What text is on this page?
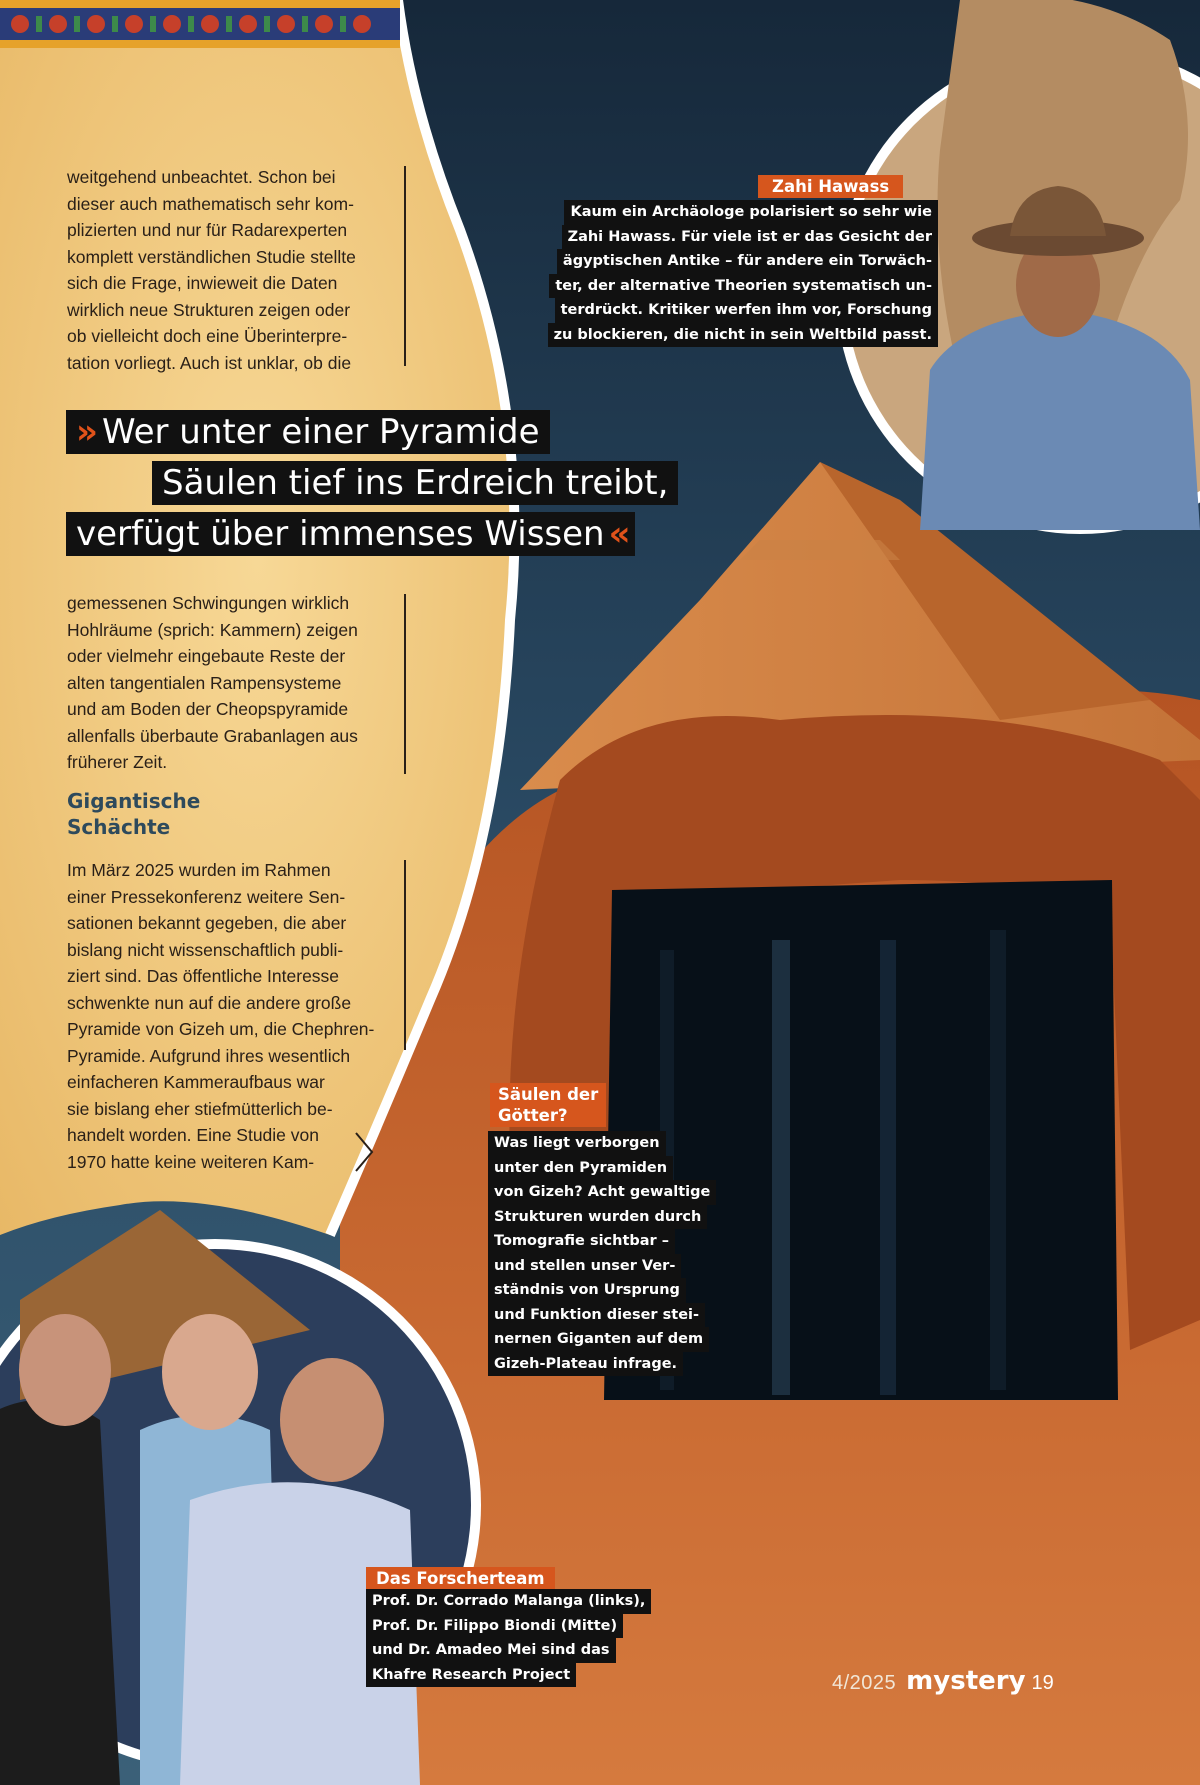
weitgehend unbeachtet. Schon bei
dieser auch mathematisch sehr kom-
plizierten und nur für Radarexperten
komplett verständlichen Studie stellte
sich die Frage, inwieweit die Daten
wirklich neue Strukturen zeigen oder
ob vielleicht doch eine Überinterpre-
tation vorliegt. Auch ist unklar, ob die
» Wer unter einer Pyramide
Säulen tief ins Erdreich treibt,
verfügt über immenses Wissen «
gemessenen Schwingungen wirklich
Hohlräume (sprich: Kammern) zeigen
oder vielmehr eingebaute Reste der
alten tangentialen Rampensysteme
und am Boden der Cheopspyramide
allenfalls überbaute Grabanlagen aus
früherer Zeit.
Gigantische
Schächte
Im März 2025 wurden im Rahmen
einer Pressekonferenz weitere Sen-
sationen bekannt gegeben, die aber
bislang nicht wissenschaftlich publi-
ziert sind. Das öffentliche Interesse
schwenkte nun auf die andere große
Pyramide von Gizeh um, die Chephren-
Pyramide. Aufgrund ihres wesentlich
einfacheren Kammeraufbaus war
sie bislang eher stiefmütterlich be-
handelt worden. Eine Studie von
1970 hatte keine weiteren Kam-
Zahi Hawass
Kaum ein Archäologe polarisiert so sehr wie
Zahi Hawass. Für viele ist er das Gesicht der
ägyptischen Antike – für andere ein Torwäch-
ter, der alternative Theorien systematisch un-
terdrückt. Kritiker werfen ihm vor, Forschung
zu blockieren, die nicht in sein Weltbild passt.
Säulen der
Götter?
Was liegt verborgen
unter den Pyramiden
von Gizeh? Acht gewaltige
Strukturen wurden durch
Tomografie sichtbar –
und stellen unser Ver-
ständnis von Ursprung
und Funktion dieser stei-
nernen Giganten auf dem
Gizeh-Plateau infrage.
Das Forscherteam
Prof. Dr. Corrado Malanga (links),
Prof. Dr. Filippo Biondi (Mitte)
und Dr. Amadeo Mei sind das
Khafre Research Project	4/2025 mystery 19
